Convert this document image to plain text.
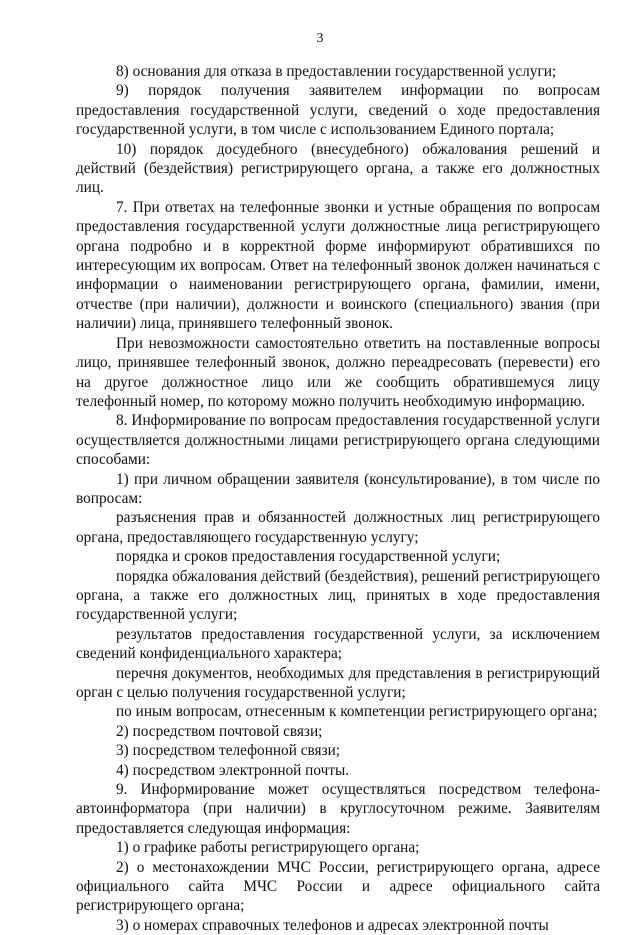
3

8) основания для отказа в предоставлении государственной услуги;

9) порядок получения заявителем информации по вопросам предоставления государственной услуги, сведений о ходе предоставления государственной услуги, в том числе с использованием Единого портала;

10) порядок досудебного (внесудебного) обжалования решений и действий (бездействия) регистрирующего органа, а также его должностных лиц.

7. При ответах на телефонные звонки и устные обращения по вопросам предоставления государственной услуги должностные лица регистрирующего органа подробно и в корректной форме информируют обратившихся по интересующим их вопросам. Ответ на телефонный звонок должен начинаться с информации о наименовании регистрирующего органа, фамилии, имени, отчестве (при наличии), должности и воинского (специального) звания (при наличии) лица, принявшего телефонный звонок.

При невозможности самостоятельно ответить на поставленные вопросы лицо, принявшее телефонный звонок, должно переадресовать (перевести) его на другое должностное лицо или же сообщить обратившемуся лицу телефонный номер, по которому можно получить необходимую информацию.

8. Информирование по вопросам предоставления государственной услуги осуществляется должностными лицами регистрирующего органа следующими способами:

1) при личном обращении заявителя (консультирование), в том числе по вопросам:

разъяснения прав и обязанностей должностных лиц регистрирующего органа, предоставляющего государственную услугу;

порядка и сроков предоставления государственной услуги;

порядка обжалования действий (бездействия), решений регистрирующего органа, а также его должностных лиц, принятых в ходе предоставления государственной услуги;

результатов предоставления государственной услуги, за исключением сведений конфиденциального характера;

перечня документов, необходимых для представления в регистрирующий орган с целью получения государственной услуги;

по иным вопросам, отнесенным к компетенции регистрирующего органа;

2) посредством почтовой связи;

3) посредством телефонной связи;

4) посредством электронной почты.

9. Информирование может осуществляться посредством телефона-автоинформатора (при наличии) в круглосуточном режиме. Заявителям предоставляется следующая информация:

1) о графике работы регистрирующего органа;

2) о местонахождении МЧС России, регистрирующего органа, адресе официального сайта МЧС России и адресе официального сайта регистрирующего органа;

3) о номерах справочных телефонов и адресах электронной почты
